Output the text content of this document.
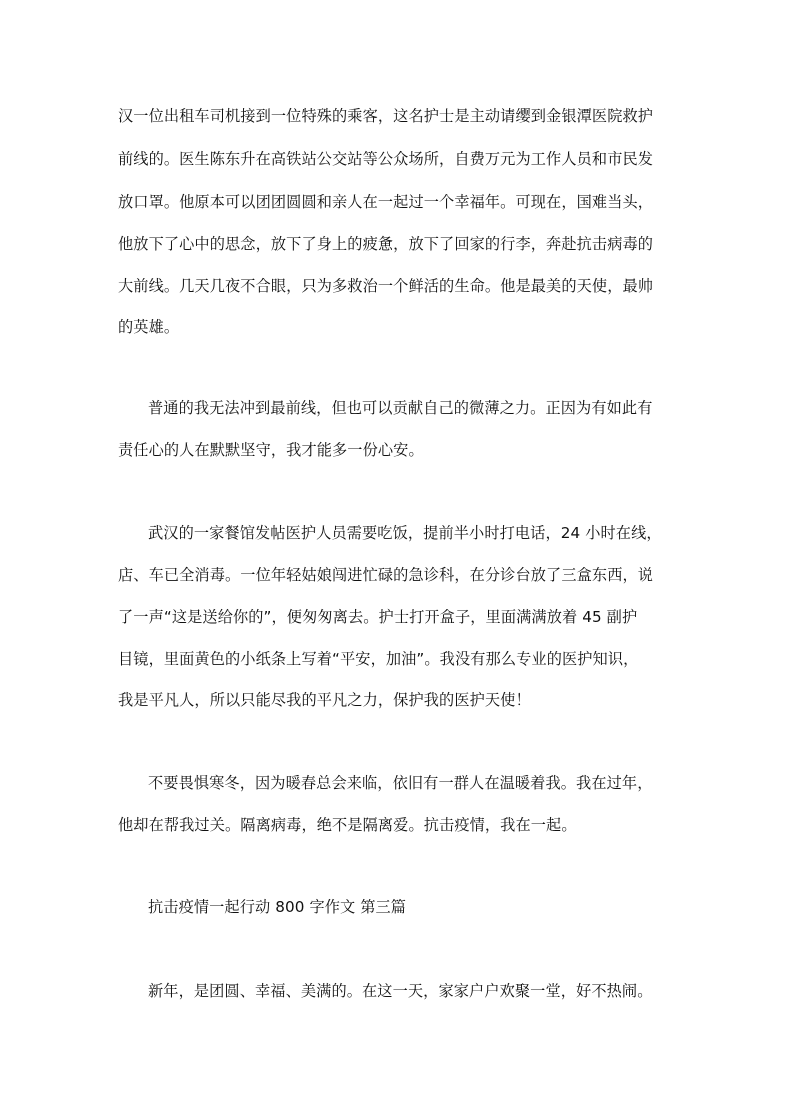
汉一位出租车司机接到一位特殊的乘客，这名护士是主动请缨到金银潭医院救护
前线的。医生陈东升在高铁站公交站等公众场所，自费万元为工作人员和市民发
放口罩。他原本可以团团圆圆和亲人在一起过一个幸福年。可现在，国难当头，
他放下了心中的思念，放下了身上的疲惫，放下了回家的行李，奔赴抗击病毒的
大前线。几天几夜不合眼，只为多救治一个鲜活的生命。他是最美的天使，最帅
的英雄。
普通的我无法冲到最前线，但也可以贡献自己的微薄之力。正因为有如此有
责任心的人在默默坚守，我才能多一份心安。
武汉的一家餐馆发帖医护人员需要吃饭，提前半小时打电话，24 小时在线，
店、车已全消毒。一位年轻姑娘闯进忙碌的急诊科，在分诊台放了三盒东西，说
了一声“这是送给你的”，便匆匆离去。护士打开盒子，里面满满放着 45 副护
目镜，里面黄色的小纸条上写着“平安，加油”。我没有那么专业的医护知识，
我是平凡人，所以只能尽我的平凡之力，保护我的医护天使！
不要畏惧寒冬，因为暖春总会来临，依旧有一群人在温暖着我。我在过年，
他却在帮我过关。隔离病毒，绝不是隔离爱。抗击疫情，我在一起。
抗击疫情一起行动 800 字作文 第三篇
新年，是团圆、幸福、美满的。在这一天，家家户户欢聚一堂，好不热闹。
